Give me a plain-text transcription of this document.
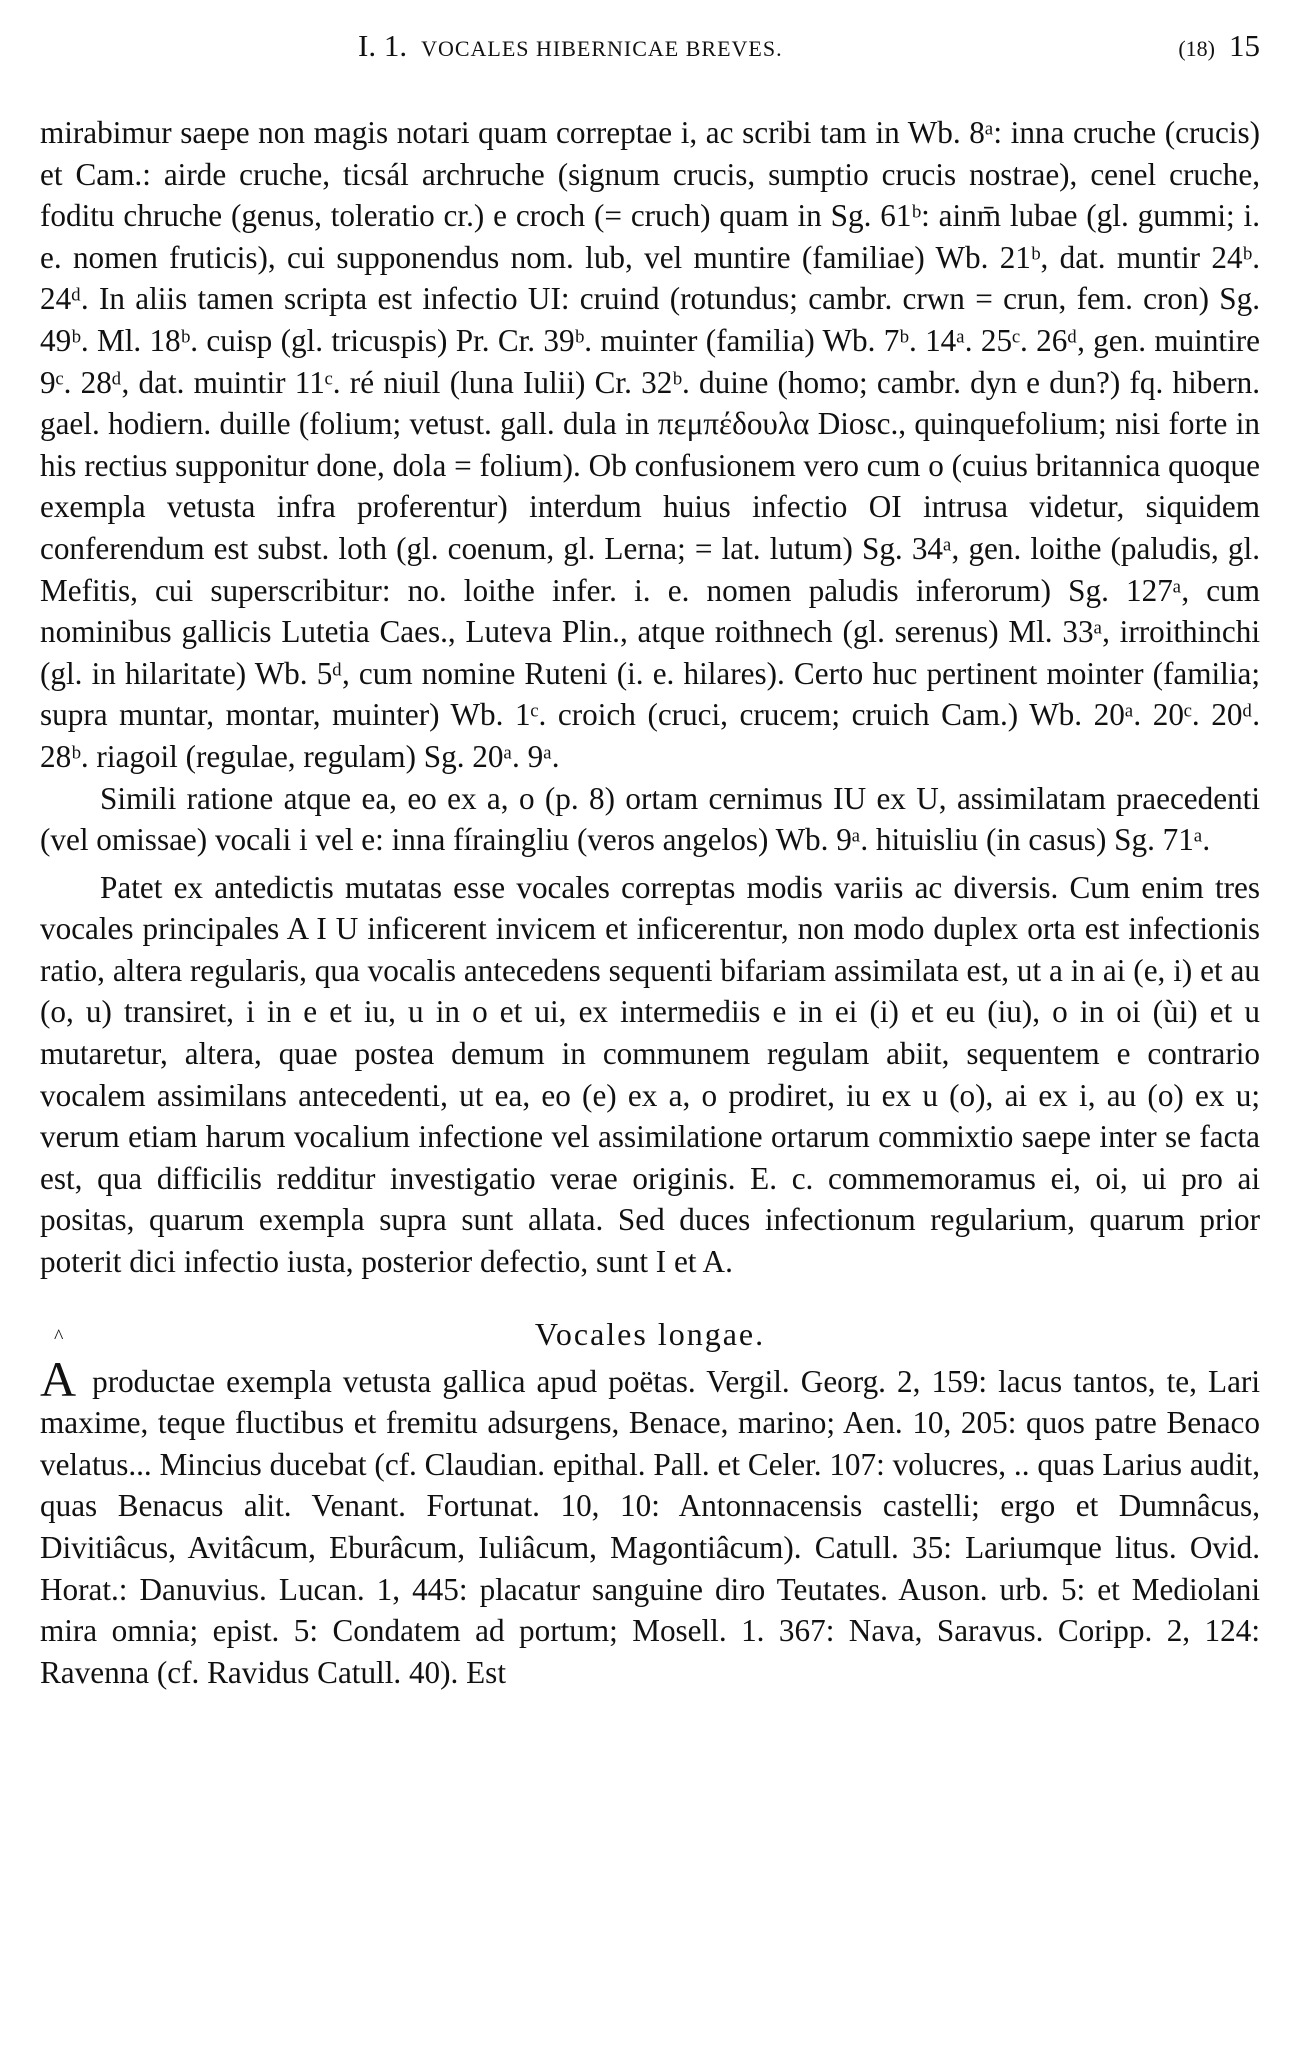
I. 1. VOCALES HIBERNICAE BREVES.	(18) 15

mirabimur saepe non magis notari quam correptae i, ac scribi tam in Wb. 8ᵃ: inna cruche (crucis) et Cam.: airde cruche, ticsál archruche (signum crucis, sumptio crucis nostrae), cenel cruche, foditu chruche (genus, toleratio cr.) e croch (= cruch) quam in Sg. 61ᵇ: ainm̄ lubae (gl. gummi; i. e. nomen fruticis), cui supponendus nom. lub, vel muntire (familiae) Wb. 21ᵇ, dat. muntir 24ᵇ. 24ᵈ. In aliis tamen scripta est infectio UI: cruind (rotundus; cambr. crwn = crun, fem. cron) Sg. 49ᵇ. Ml. 18ᵇ. cuisp (gl. tricuspis) Pr. Cr. 39ᵇ. muinter (familia) Wb. 7ᵇ. 14ᵃ. 25ᶜ. 26ᵈ, gen. muintire 9ᶜ. 28ᵈ, dat. muintir 11ᶜ. ré niuil (luna Iulii) Cr. 32ᵇ. duine (homo; cambr. dyn e dun?) fq. hibern. gael. hodiern. duille (folium; vetust. gall. dula in πεμπέδουλα Diosc., quinquefolium; nisi forte in his rectius supponitur done, dola = folium). Ob confusionem vero cum o (cuius britannica quoque exempla vetusta infra proferentur) interdum huius infectio OI intrusa videtur, siquidem conferendum est subst. loth (gl. coenum, gl. Lerna; = lat. lutum) Sg. 34ᵃ, gen. loithe (paludis, gl. Mefitis, cui superscribitur: no. loithe infer. i. e. nomen paludis inferorum) Sg. 127ᵃ, cum nominibus gallicis Lutetia Caes., Luteva Plin., atque roithnech (gl. serenus) Ml. 33ᵃ, irroithinchi (gl. in hilaritate) Wb. 5ᵈ, cum nomine Ruteni (i. e. hilares). Certo huc pertinent mointer (familia; supra muntar, montar, muinter) Wb. 1ᶜ. croich (cruci, crucem; cruich Cam.) Wb. 20ᵃ. 20ᶜ. 20ᵈ. 28ᵇ. riagoil (regulae, regulam) Sg. 20ᵃ. 9ᵃ.

Simili ratione atque ea, eo ex a, o (p. 8) ortam cernimus IU ex U, assimilatam praecedenti (vel omissae) vocali i vel e: inna fíraingliu (veros angelos) Wb. 9ᵃ. hituisliu (in casus) Sg. 71ᵃ.

Patet ex antedictis mutatas esse vocales correptas modis variis ac diversis. Cum enim tres vocales principales A I U inficerent invicem et inficerentur, non modo duplex orta est infectionis ratio, altera regularis, qua vocalis antecedens sequenti bifariam assimilata est, ut a in ai (e, i) et au (o, u) transiret, i in e et iu, u in o et ui, ex intermediis e in ei (i) et eu (iu), o in oi (ùi) et u mutaretur, altera, quae postea demum in communem regulam abiit, sequentem e contrario vocalem assimilans antecedenti, ut ea, eo (e) ex a, o prodiret, iu ex u (o), ai ex i, au (o) ex u; verum etiam harum vocalium infectione vel assimilatione ortarum commixtio saepe inter se facta est, qua difficilis redditur investigatio verae originis. E. c. commemoramus ei, oi, ui pro ai positas, quarum exempla supra sunt allata. Sed duces infectionum regularium, quarum prior poterit dici infectio iusta, posterior defectio, sunt I et A.

Vocales longae.

^
A productae exempla vetusta gallica apud poëtas. Vergil. Georg. 2, 159: lacus tantos, te, Lari maxime, teque fluctibus et fremitu adsurgens, Benace, marino; Aen. 10, 205: quos patre Benaco velatus... Mincius ducebat (cf. Claudian. epithal. Pall. et Celer. 107: volucres, .. quas Larius audit, quas Benacus alit. Venant. Fortunat. 10, 10: Antonnacensis castelli; ergo et Dumnâcus, Divitiâcus, Avitâcum, Eburâcum, Iuliâcum, Magontiâcum). Catull. 35: Lariumque litus. Ovid. Horat.: Danuvius. Lucan. 1, 445: placatur sanguine diro Teutates. Auson. urb. 5: et Mediolani mira omnia; epist. 5: Condatem ad portum; Mosell. 1. 367: Nava, Saravus. Coripp. 2, 124: Ravenna (cf. Ravidus Catull. 40). Est
